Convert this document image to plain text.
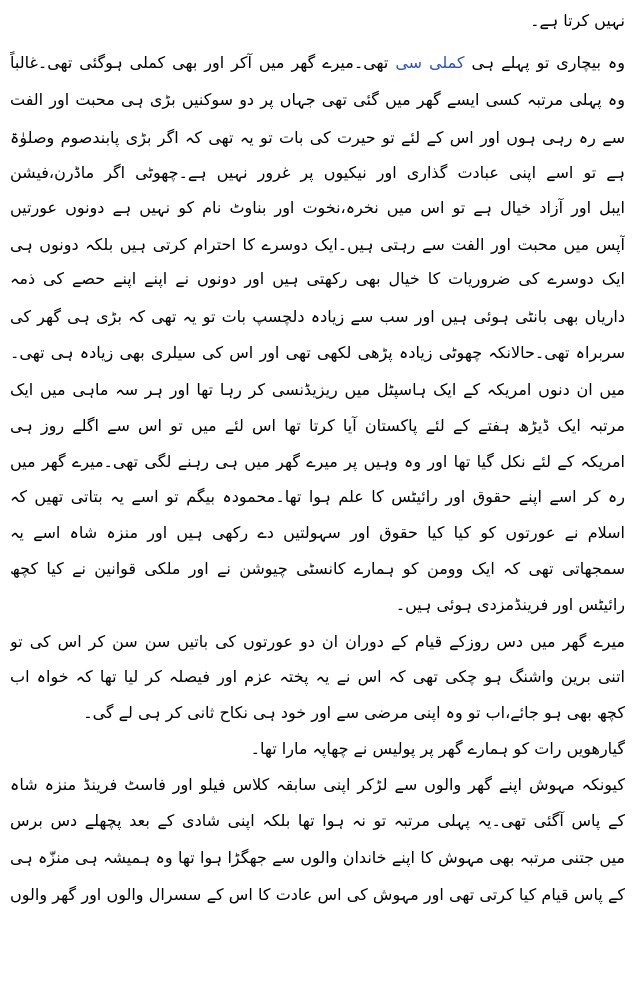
نہیں کرتا ہے۔
وہ بیچاری تو پہلے ہی کملی سی تھی۔میرے گھر میں آکر اور بھی کملی ہوگئی تھی۔غالباً
وہ پہلی مرتبہ کسی ایسے گھر میں گئی تھی جہاں پر دو سوکنیں بڑی ہی محبت اور الفت
سے رہ رہی ہوں اور اس کے لئے تو حیرت کی بات تو یہ تھی کہ اگر بڑی پابندصوم وصلوٰۃ
ہے تو اسے اپنی عبادت گذاری اور نیکیوں پر غرور نہیں ہے۔چھوٹی اگر ماڈرن،فیشن
ایبل اور آزاد خیال ہے تو اس میں نخرہ،نخوت اور بناوٹ نام کو نہیں ہے دونوں عورتیں
آپس میں محبت اور الفت سے رہتی ہیں۔ایک دوسرے کا احترام کرتی ہیں بلکہ دونوں ہی
ایک دوسرے کی ضروریات کا خیال بھی رکھتی ہیں اور دونوں نے اپنے اپنے حصے کی ذمہ
داریاں بھی بانٹی ہوئی ہیں اور سب سے زیادہ دلچسپ بات تو یہ تھی کہ بڑی ہی گھر کی
سربراہ تھی۔حالانکہ چھوٹی زیادہ پڑھی لکھی تھی اور اس کی سیلری بھی زیادہ ہی تھی۔
میں ان دنوں امریکہ کے ایک ہاسپٹل میں ریزیڈنسی کر رہا تھا اور ہر سہ ماہی میں ایک
مرتبہ ایک ڈیڑھ ہفتے کے لئے پاکستان آیا کرتا تھا اس لئے میں تو اس سے اگلے روز ہی
امریکہ کے لئے نکل گیا تھا اور وہ وہیں پر میرے گھر میں ہی رہنے لگی تھی۔میرے گھر میں
رہ کر اسے اپنے حقوق اور رائیٹس کا علم ہوا تھا۔محمودہ بیگم تو اسے یہ بتاتی تھیں کہ
اسلام نے عورتوں کو کیا کیا حقوق اور سہولتیں دے رکھی ہیں اور منزہ شاہ اسے یہ
سمجھاتی تھی کہ ایک وومن کو ہمارے کانسٹی چیوشن نے اور ملکی قوانین نے کیا کچھ
رائیٹس اور فرینڈمزدی ہوئی ہیں۔
میرے گھر میں دس روزکے قیام کے دوران ان دو عورتوں کی باتیں سن سن کر اس کی تو
اتنی برین واشنگ ہو چکی تھی کہ اس نے یہ پختہ عزم اور فیصلہ کر لیا تھا کہ خواہ اب
کچھ بھی ہو جائے،اب تو وہ اپنی مرضی سے اور خود ہی نکاح ثانی کر ہی لے گی۔
گیارھویں رات کو ہمارے گھر پر پولیس نے چھاپہ مارا تھا۔
کیونکہ مہوش اپنے گھر والوں سے لڑکر اپنی سابقہ کلاس فیلو اور فاسٹ فرینڈ منزہ شاہ
کے پاس آگئی تھی۔یہ پہلی مرتبہ تو نہ ہوا تھا بلکہ اپنی شادی کے بعد پچھلے دس برس
میں جتنی مرتبہ بھی مہوش کا اپنے خاندان والوں سے جھگڑا ہوا تھا وہ ہمیشہ ہی منزّہ ہی
کے پاس قیام کیا کرتی تھی اور مہوش کی اس عادت کا اس کے سسرال والوں اور گھر والوں
